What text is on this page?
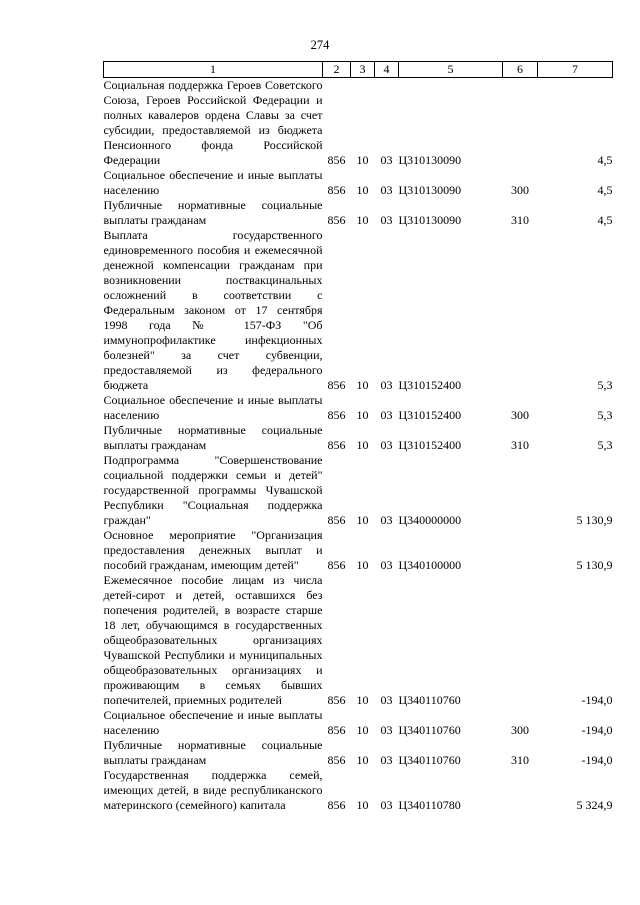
274
1	2	3	4	5	6	7
Социальная поддержка Героев Советского Союза, Героев Российской Федерации и полных кавалеров ордена Славы за счет субсидии, предоставляемой из бюджета Пенсионного фонда Российской Федерации	856	10	03	Ц310130090		4,5
Социальное обеспечение и иные выплаты населению	856	10	03	Ц310130090	300	4,5
Публичные нормативные социальные выплаты гражданам	856	10	03	Ц310130090	310	4,5
Выплата государственного единовременного пособия и ежемесячной денежной компенсации гражданам при возникновении поствакцинальных осложнений в соответствии с Федеральным законом от 17 сентября 1998 года № 157-ФЗ "Об иммунопрофилактике инфекционных болезней" за счет субвенции, предоставляемой из федерального бюджета	856	10	03	Ц310152400		5,3
Социальное обеспечение и иные выплаты населению	856	10	03	Ц310152400	300	5,3
Публичные нормативные социальные выплаты гражданам	856	10	03	Ц310152400	310	5,3
Подпрограмма "Совершенствование социальной поддержки семьи и детей" государственной программы Чувашской Республики "Социальная поддержка граждан"	856	10	03	Ц340000000		5 130,9
Основное мероприятие "Организация предоставления денежных выплат и пособий гражданам, имеющим детей"	856	10	03	Ц340100000		5 130,9
Ежемесячное пособие лицам из числа детей-сирот и детей, оставшихся без попечения родителей, в возрасте старше 18 лет, обучающимся в государственных общеобразовательных организациях Чувашской Республики и муниципальных общеобразовательных организациях и проживающим в семьях бывших попечителей, приемных родителей	856	10	03	Ц340110760		-194,0
Социальное обеспечение и иные выплаты населению	856	10	03	Ц340110760	300	-194,0
Публичные нормативные социальные выплаты гражданам	856	10	03	Ц340110760	310	-194,0
Государственная поддержка семей, имеющих детей, в виде республиканского материнского (семейного) капитала	856	10	03	Ц340110780		5 324,9
